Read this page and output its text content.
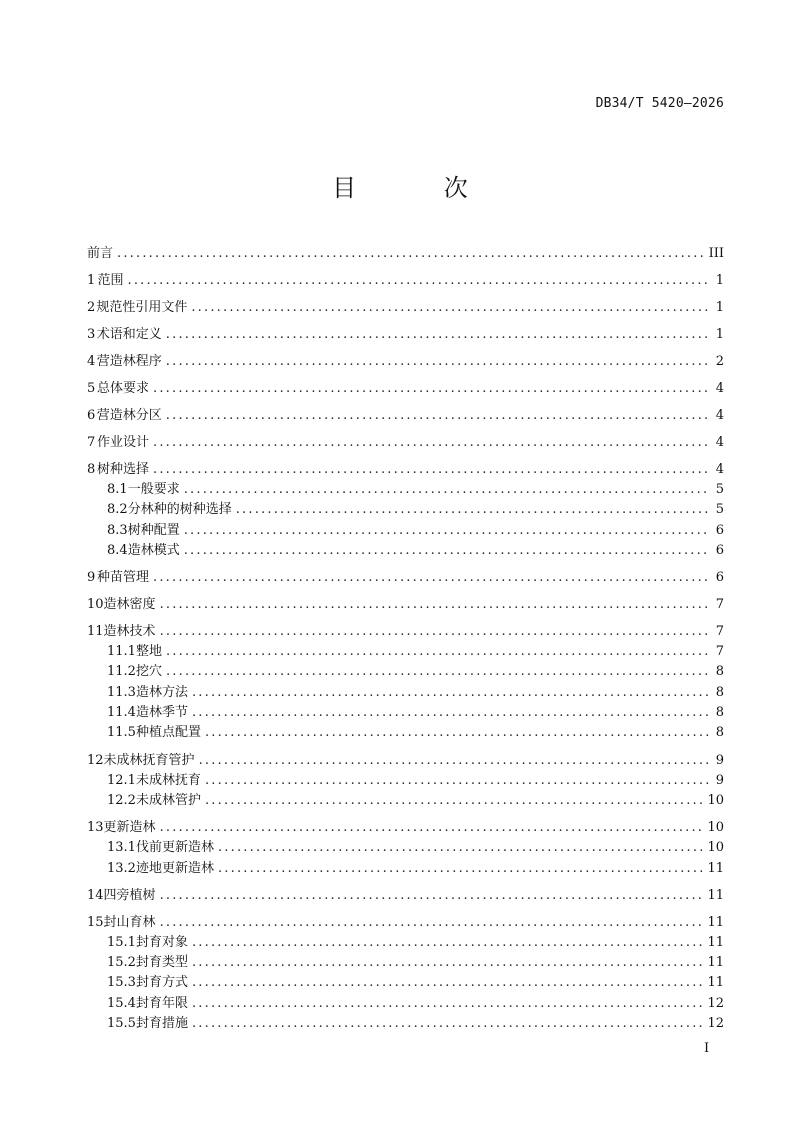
DB34/T 5420—2026
目 次
前言 .....	III
1 范围 .....	1
2 规范性引用文件 .....	1
3 术语和定义 .....	1
4 营造林程序 .....	2
5 总体要求 .....	4
6 营造林分区 .....	4
7 作业设计 .....	4
8 树种选择 .....	4
8.1 一般要求 .....	5
8.2 分林种的树种选择 .....	5
8.3 树种配置 .....	6
8.4 造林模式 .....	6
9 种苗管理 .....	6
10 造林密度 .....	7
11 造林技术 .....	7
11.1 整地 .....	7
11.2 挖穴 .....	8
11.3 造林方法 .....	8
11.4 造林季节 .....	8
11.5 种植点配置 .....	8
12 未成林抚育管护 .....	9
12.1 未成林抚育 .....	9
12.2 未成林管护 .....	10
13 更新造林 .....	10
13.1 伐前更新造林 .....	10
13.2 迹地更新造林 .....	11
14 四旁植树 .....	11
15 封山育林 .....	11
15.1 封育对象 .....	11
15.2 封育类型 .....	11
15.3 封育方式 .....	11
15.4 封育年限 .....	12
15.5 封育措施 .....	12
I
